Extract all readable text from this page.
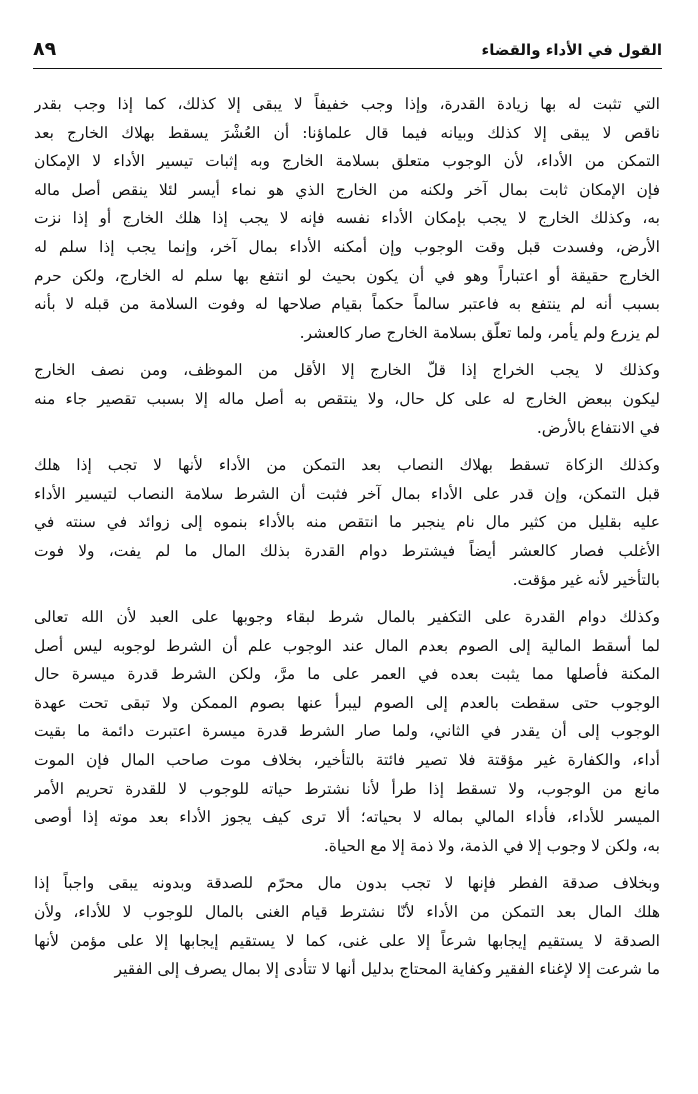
القول في الأداء والقضاء
٨٩
التي تثبت له بها زيادة القدرة، وإذا وجب خفيفاً لا يبقى إلا كذلك، كما إذا وجب بقدر
ناقص لا يبقى إلا كذلك وبيانه فيما قال علماؤنا: أن العُشْرَ يسقط بهلاك الخارج بعد
التمكن من الأداء، لأن الوجوب متعلق بسلامة الخارج وبه إثبات تيسير الأداء لا الإمكان
فإن الإمكان ثابت بمال آخر ولكنه من الخارج الذي هو نماء أيسر لئلا ينقص أصل ماله
به، وكذلك الخارج لا يجب بإمكان الأداء نفسه فإنه لا يجب إذا هلك الخارج أو إذا نزت
الأرض، وفسدت قبل وقت الوجوب وإن أمكنه الأداء بمال آخر، وإنما يجب إذا سلم له
الخارج حقيقة أو اعتباراً وهو في أن يكون بحيث لو انتفع بها سلم له الخارج، ولكن حرم
بسبب أنه لم ينتفع به فاعتبر سالماً حكماً بقيام صلاحها له وفوت السلامة من قبله لا بأنه
لم يزرع ولم يأمر، ولما تعلّق بسلامة الخارج صار كالعشر.
وكذلك لا يجب الخراج إذا قلّ الخارج إلا الأقل من الموظف، ومن نصف الخارج
ليكون ببعض الخارج له على كل حال، ولا ينتقص به أصل ماله إلا بسبب تقصير جاء منه
في الانتفاع بالأرض.
وكذلك الزكاة تسقط بهلاك النصاب بعد التمكن من الأداء لأنها لا تجب إذا هلك
قبل التمكن، وإن قدر على الأداء بمال آخر فثبت أن الشرط سلامة النصاب لتيسير الأداء
عليه بقليل من كثير مال نام ينجبر ما انتقص منه بالأداء بنموه إلى زوائد في سنته في
الأغلب فصار كالعشر أيضاً فيشترط دوام القدرة بذلك المال ما لم يفت، ولا فوت
بالتأخير لأنه غير مؤقت.
وكذلك دوام القدرة على التكفير بالمال شرط لبقاء وجوبها على العبد لأن الله تعالى
لما أسقط المالية إلى الصوم بعدم المال عند الوجوب علم أن الشرط لوجوبه ليس أصل
المكنة فأصلها مما يثبت بعده في العمر على ما مرَّ، ولكن الشرط قدرة ميسرة حال
الوجوب حتى سقطت بالعدم إلى الصوم ليبرأ عنها بصوم الممكن ولا تبقى تحت عهدة
الوجوب إلى أن يقدر في الثاني، ولما صار الشرط قدرة ميسرة اعتبرت دائمة ما بقيت
أداء، والكفارة غير مؤقتة فلا تصير فائتة بالتأخير، بخلاف موت صاحب المال فإن الموت
مانع من الوجوب، ولا تسقط إذا طرأ لأنا نشترط حياته للوجوب لا للقدرة تحريم الأمر
الميسر للأداء، فأداء المالي بماله لا بحياته؛ ألا ترى كيف يجوز الأداء بعد موته إذا أوصى
به، ولكن لا وجوب إلا في الذمة، ولا ذمة إلا مع الحياة.
وبخلاف صدقة الفطر فإنها لا تجب بدون مال محرّم للصدقة وبدونه يبقى واجباً إذا
هلك المال بعد التمكن من الأداء لأنّا نشترط قيام الغنى بالمال للوجوب لا للأداء، ولأن
الصدقة لا يستقيم إيجابها شرعاً إلا على غنى، كما لا يستقيم إيجابها إلا على مؤمن لأنها
ما شرعت إلا لإغناء الفقير وكفاية المحتاج بدليل أنها لا تتأدى إلا بمال يصرف إلى الفقير
